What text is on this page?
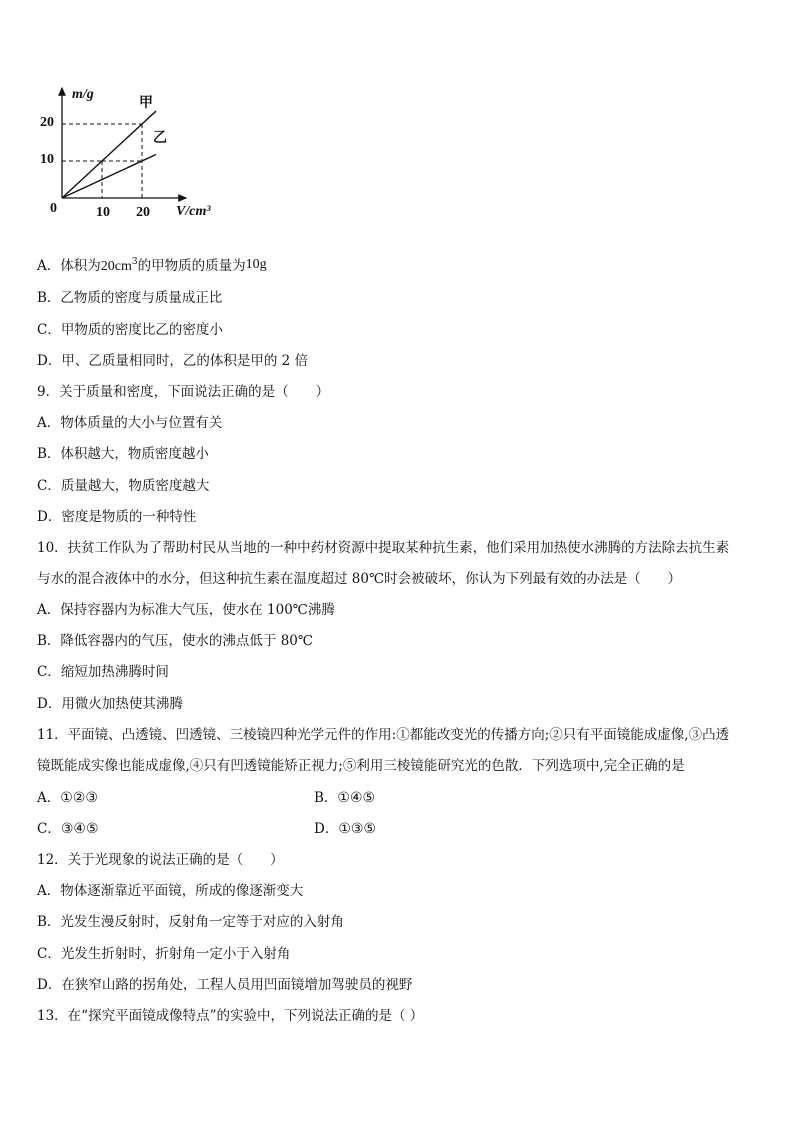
m/g
V/cm³
0
20
10
10 20
甲
乙
A．体积为$20cm^3$的甲物质的质量为10g
B．乙物质的密度与质量成正比
C．甲物质的密度比乙的密度小
D．甲、乙质量相同时，乙的体积是甲的 2 倍
9．关于质量和密度，下面说法正确的是（　　）
A．物体质量的大小与位置有关
B．体积越大，物质密度越小
C．质量越大，物质密度越大
D．密度是物质的一种特性
10．扶贫工作队为了帮助村民从当地的一种中药材资源中提取某种抗生素，他们采用加热使水沸腾的方法除去抗生素
与水的混合液体中的水分，但这种抗生素在温度超过 80℃时会被破坏，你认为下列最有效的办法是（　　）
A．保持容器内为标准大气压，使水在 100℃沸腾
B．降低容器内的气压，使水的沸点低于 80℃
C．缩短加热沸腾时间
D．用微火加热使其沸腾
11．平面镜、凸透镜、凹透镜、三棱镜四种光学元件的作用:①都能改变光的传播方向;②只有平面镜能成虚像,③凸透
镜既能成实像也能成虚像,④只有凹透镜能矫正视力;⑤利用三棱镜能研究光的色散．下列选项中,完全正确的是
A．①②③	B．①④⑤
C．③④⑤	D．①③⑤
12．关于光现象的说法正确的是（　　）
A．物体逐渐靠近平面镜，所成的像逐渐变大
B．光发生漫反射时，反射角一定等于对应的入射角
C．光发生折射时，折射角一定小于入射角
D．在狭窄山路的拐角处，工程人员用凹面镜增加驾驶员的视野
13．在“探究平面镜成像特点”的实验中，下列说法正确的是（ ）
